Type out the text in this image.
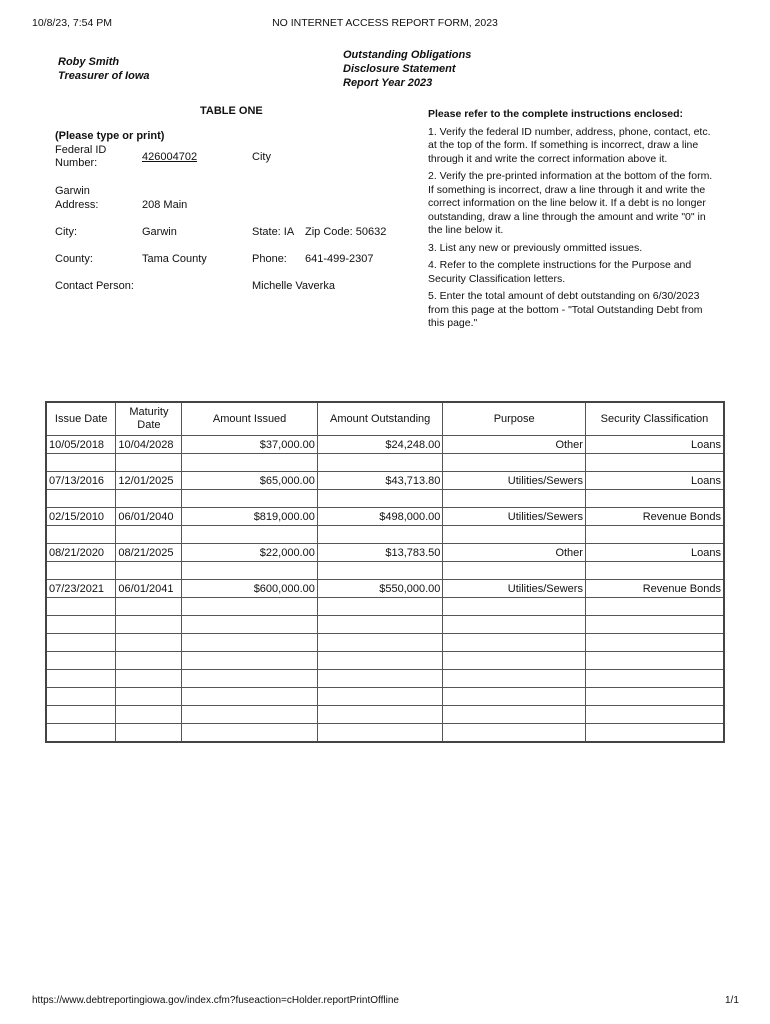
10/8/23, 7:54 PM	NO INTERNET ACCESS REPORT FORM, 2023
Roby Smith
Treasurer of Iowa
Outstanding Obligations
Disclosure Statement
Report Year 2023
TABLE ONE
(Please type or print)
Federal ID
Number:	426004702	City
Garwin
Address:	208 Main
City:	Garwin	State: IA Zip Code: 50632
County:	Tama County	Phone: 641-499-2307
Contact Person:	Michelle Vaverka
Please refer to the complete instructions enclosed:

1. Verify the federal ID number, address, phone, contact, etc. at the top of the form. If something is incorrect, draw a line through it and write the correct information above it.

2. Verify the pre-printed information at the bottom of the form. If something is incorrect, draw a line through it and write the correct information on the line below it. If a debt is no longer outstanding, draw a line through the amount and write "0" in the line below it.

3. List any new or previously ommitted issues.

4. Refer to the complete instructions for the Purpose and Security Classification letters.

5. Enter the total amount of debt outstanding on 6/30/2023 from this page at the bottom - "Total Outstanding Debt from this page."

Issue Date	Maturity Date	Amount Issued	Amount Outstanding	Purpose	Security Classification
10/05/2018	10/04/2028	$37,000.00	$24,248.00	Other	Loans

07/13/2016	12/01/2025	$65,000.00	$43,713.80	Utilities/Sewers	Loans

02/15/2010	06/01/2040	$819,000.00	$498,000.00	Utilities/Sewers	Revenue Bonds

08/21/2020	08/21/2025	$22,000.00	$13,783.50	Other	Loans

07/23/2021	06/01/2041	$600,000.00	$550,000.00	Utilities/Sewers	Revenue Bonds

https://www.debtreportingiowa.gov/index.cfm?fuseaction=cHolder.reportPrintOffline	1/1
